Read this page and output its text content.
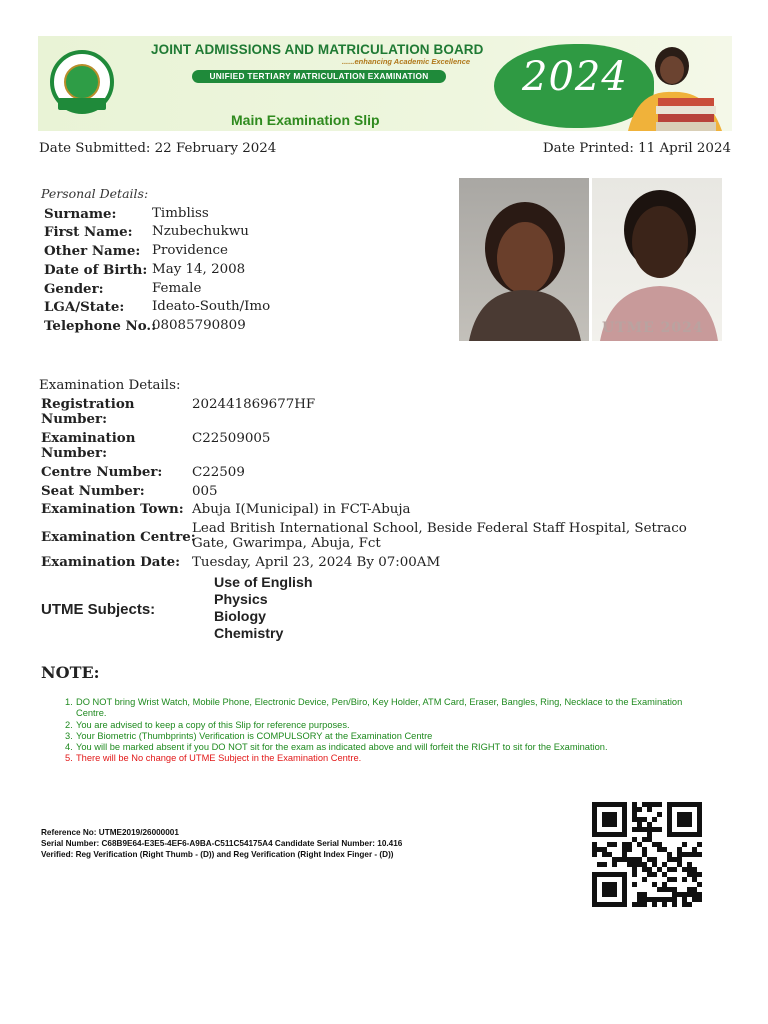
JOINT ADMISSIONS AND MATRICULATION BOARD
......enhancing Academic Excellence
UNIFIED TERTIARY MATRICULATION EXAMINATION
Main Examination Slip
2024
Date Submitted: 22 February 2024	Date Printed: 11 April 2024
Personal Details:
Surname:	Timbliss
First Name: Nzubechukwu
Other Name: Providence
Date of Birth: May 14, 2008
Gender:	Female
LGA/State: Ideato-South/Imo
Telephone No.:
08085790809	UTME 2024
Examination Details:
Registration Number:
202441869677HF
Examination Number:
C22509005
Centre Number: C22509
Seat Number:	005
Examination Town: Abuja I(Municipal) in FCT-Abuja
Examination Centre:
Lead British International School, Beside Federal Staff Hospital, Setraco Gate, Gwarimpa, Abuja, Fct
Examination Date: Tuesday, April 23, 2024 By 07:00AM
UTME Subjects:
Use of English
Physics
Biology
Chemistry
NOTE:
1. DO NOT bring Wrist Watch, Mobile Phone, Electronic Device, Pen/Biro, Key Holder, ATM Card, Eraser, Bangles, Ring, Necklace to the Examination Centre.
2. You are advised to keep a copy of this Slip for reference purposes.
3. Your Biometric (Thumbprints) Verification is COMPULSORY at the Examination Centre
4. You will be marked absent if you DO NOT sit for the exam as indicated above and will forfeit the RIGHT to sit for the Examination.
5. There will be No change of UTME Subject in the Examination Centre.
Reference No: UTME2019/26000001
Serial Number: C68B9E64-E3E5-4EF6-A9BA-C511C54175A4 Candidate Serial Number: 10.416
Verified: Reg Verification (Right Thumb - (D)) and Reg Verification (Right Index Finger - (D))
